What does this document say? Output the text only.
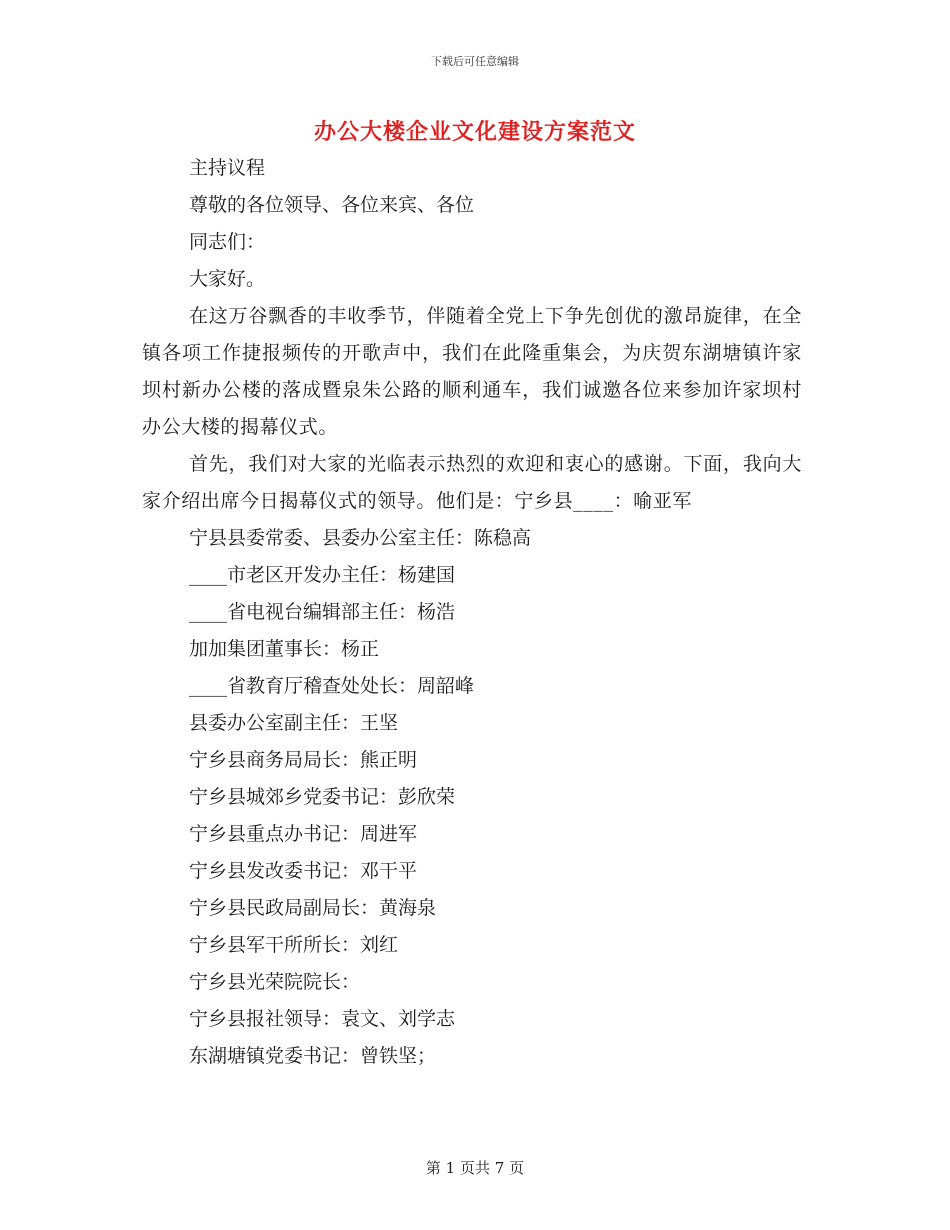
下载后可任意编辑
办公大楼企业文化建设方案范文

主持议程

尊敬的各位领导、各位来宾、各位

同志们：

大家好。

在这万谷飘香的丰收季节，伴随着全党上下争先创优的激昂旋律，在全镇各项工作捷报频传的开歌声中，我们在此隆重集会，为庆贺东湖塘镇许家坝村新办公楼的落成暨泉朱公路的顺利通车，我们诚邀各位来参加许家坝村办公大楼的揭幕仪式。

首先，我们对大家的光临表示热烈的欢迎和衷心的感谢。下面，我向大家介绍出席今日揭幕仪式的领导。他们是：宁乡县____：喻亚军

宁县县委常委、县委办公室主任：陈稳高

____市老区开发办主任：杨建国

____省电视台编辑部主任：杨浩

加加集团董事长：杨正

____省教育厅稽查处处长：周韶峰

县委办公室副主任：王坚

宁乡县商务局局长：熊正明

宁乡县城郊乡党委书记：彭欣荣

宁乡县重点办书记：周进军

宁乡县发改委书记：邓干平

宁乡县民政局副局长：黄海泉

宁乡县军干所所长：刘红

宁乡县光荣院院长：

宁乡县报社领导：袁文、刘学志

东湖塘镇党委书记：曾铁坚；

第 1 页共 7 页
